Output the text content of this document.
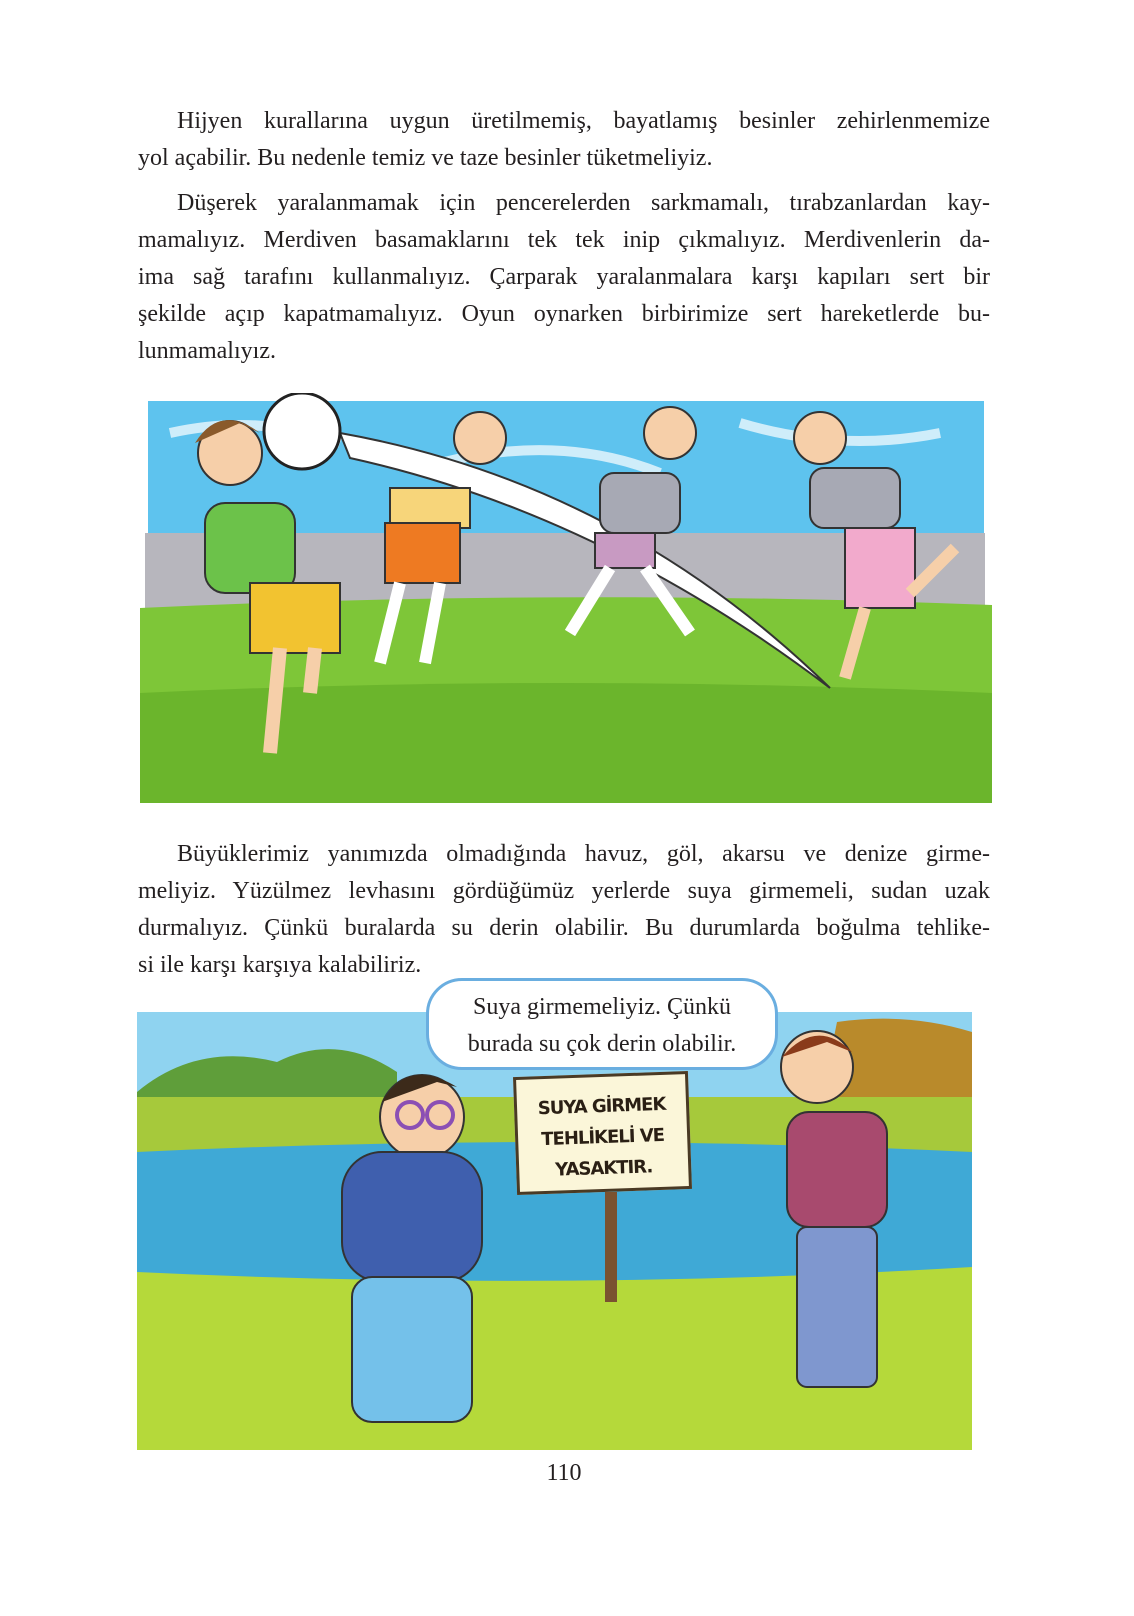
Hijyen kurallarına uygun üretilmemiş, bayatlamış besinler zehirlenmemize
yol açabilir. Bu nedenle temiz ve taze besinler tüketmeliyiz.
Düşerek yaralanmamak için pencerelerden sarkmamalı, tırabzanlardan kay-
mamalıyız. Merdiven basamaklarını tek tek inip çıkmalıyız. Merdivenlerin da-
ima sağ tarafını kullanmalıyız. Çarparak yaralanmalara karşı kapıları sert bir
şekilde açıp kapatmamalıyız. Oyun oynarken birbirimize sert hareketlerde bu-
lunmamalıyız.
Büyüklerimiz yanımızda olmadığında havuz, göl, akarsu ve denize girme-
meliyiz. Yüzülmez levhasını gördüğümüz yerlerde suya girmemeli, sudan uzak
durmalıyız. Çünkü buralarda su derin olabilir. Bu durumlarda boğulma tehlike-
si ile karşı karşıya kalabiliriz.
SUYA GİRMEK
TEHLİKELİ VE
YASAKTIR.
Suya girmemeliyiz. Çünkü
burada su çok derin olabilir.
110
